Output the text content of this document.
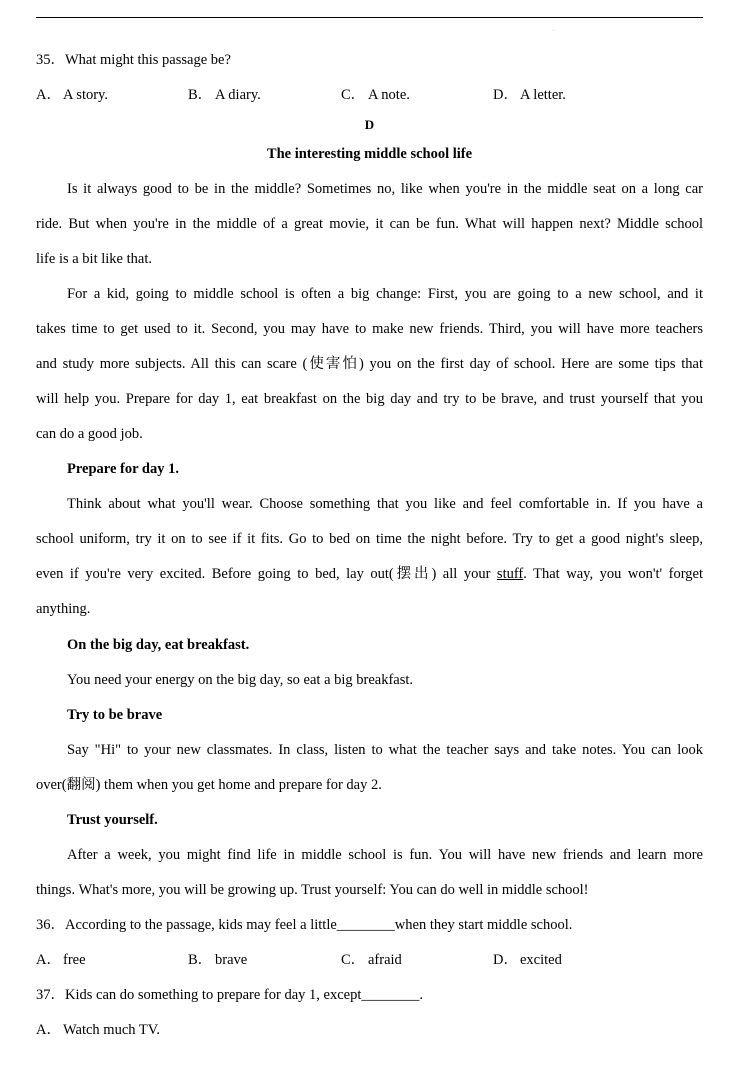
·
35．What might this passage be?
A． A story.	B． A diary.	C． A note.	D． A letter.
D
The interesting middle school life
Is it always good to be in the middle? Sometimes no, like when you're in the middle seat on a long car
ride. But when you're in the middle of a great movie, it can be fun. What will happen next? Middle school
life is a bit like that.
For a kid, going to middle school is often a big change: First, you are going to a new school, and it
takes time to get used to it. Second, you may have to make new friends. Third, you will have more teachers
and study more subjects. All this can scare (使害怕) you on the first day of school. Here are some tips that
will help you. Prepare for day 1, eat breakfast on the big day and try to be brave, and trust yourself that you
can do a good job.
Prepare for day 1.
Think about what you'll wear. Choose something that you like and feel comfortable in. If you have a
school uniform, try it on to see if it fits. Go to bed on time the night before. Try to get a good night's sleep,
even if you're very excited. Before going to bed, lay out(摆出) all your stuff. That way, you won't' forget
anything.
On the big day, eat breakfast.
You need your energy on the big day, so eat a big breakfast.
Try to be brave
Say "Hi" to your new classmates. In class, listen to what the teacher says and take notes. You can look
over(翻阅) them when you get home and prepare for day 2.
Trust yourself.
After a week, you might find life in middle school is fun. You will have new friends and learn more
things. What's more, you will be growing up. Trust yourself: You can do well in middle school!
36．According to the passage, kids may feel a little________when they start middle school.
A． free	B． brave	C． afraid	D． excited
37．Kids can do something to prepare for day 1, except________.
A． Watch much TV.
